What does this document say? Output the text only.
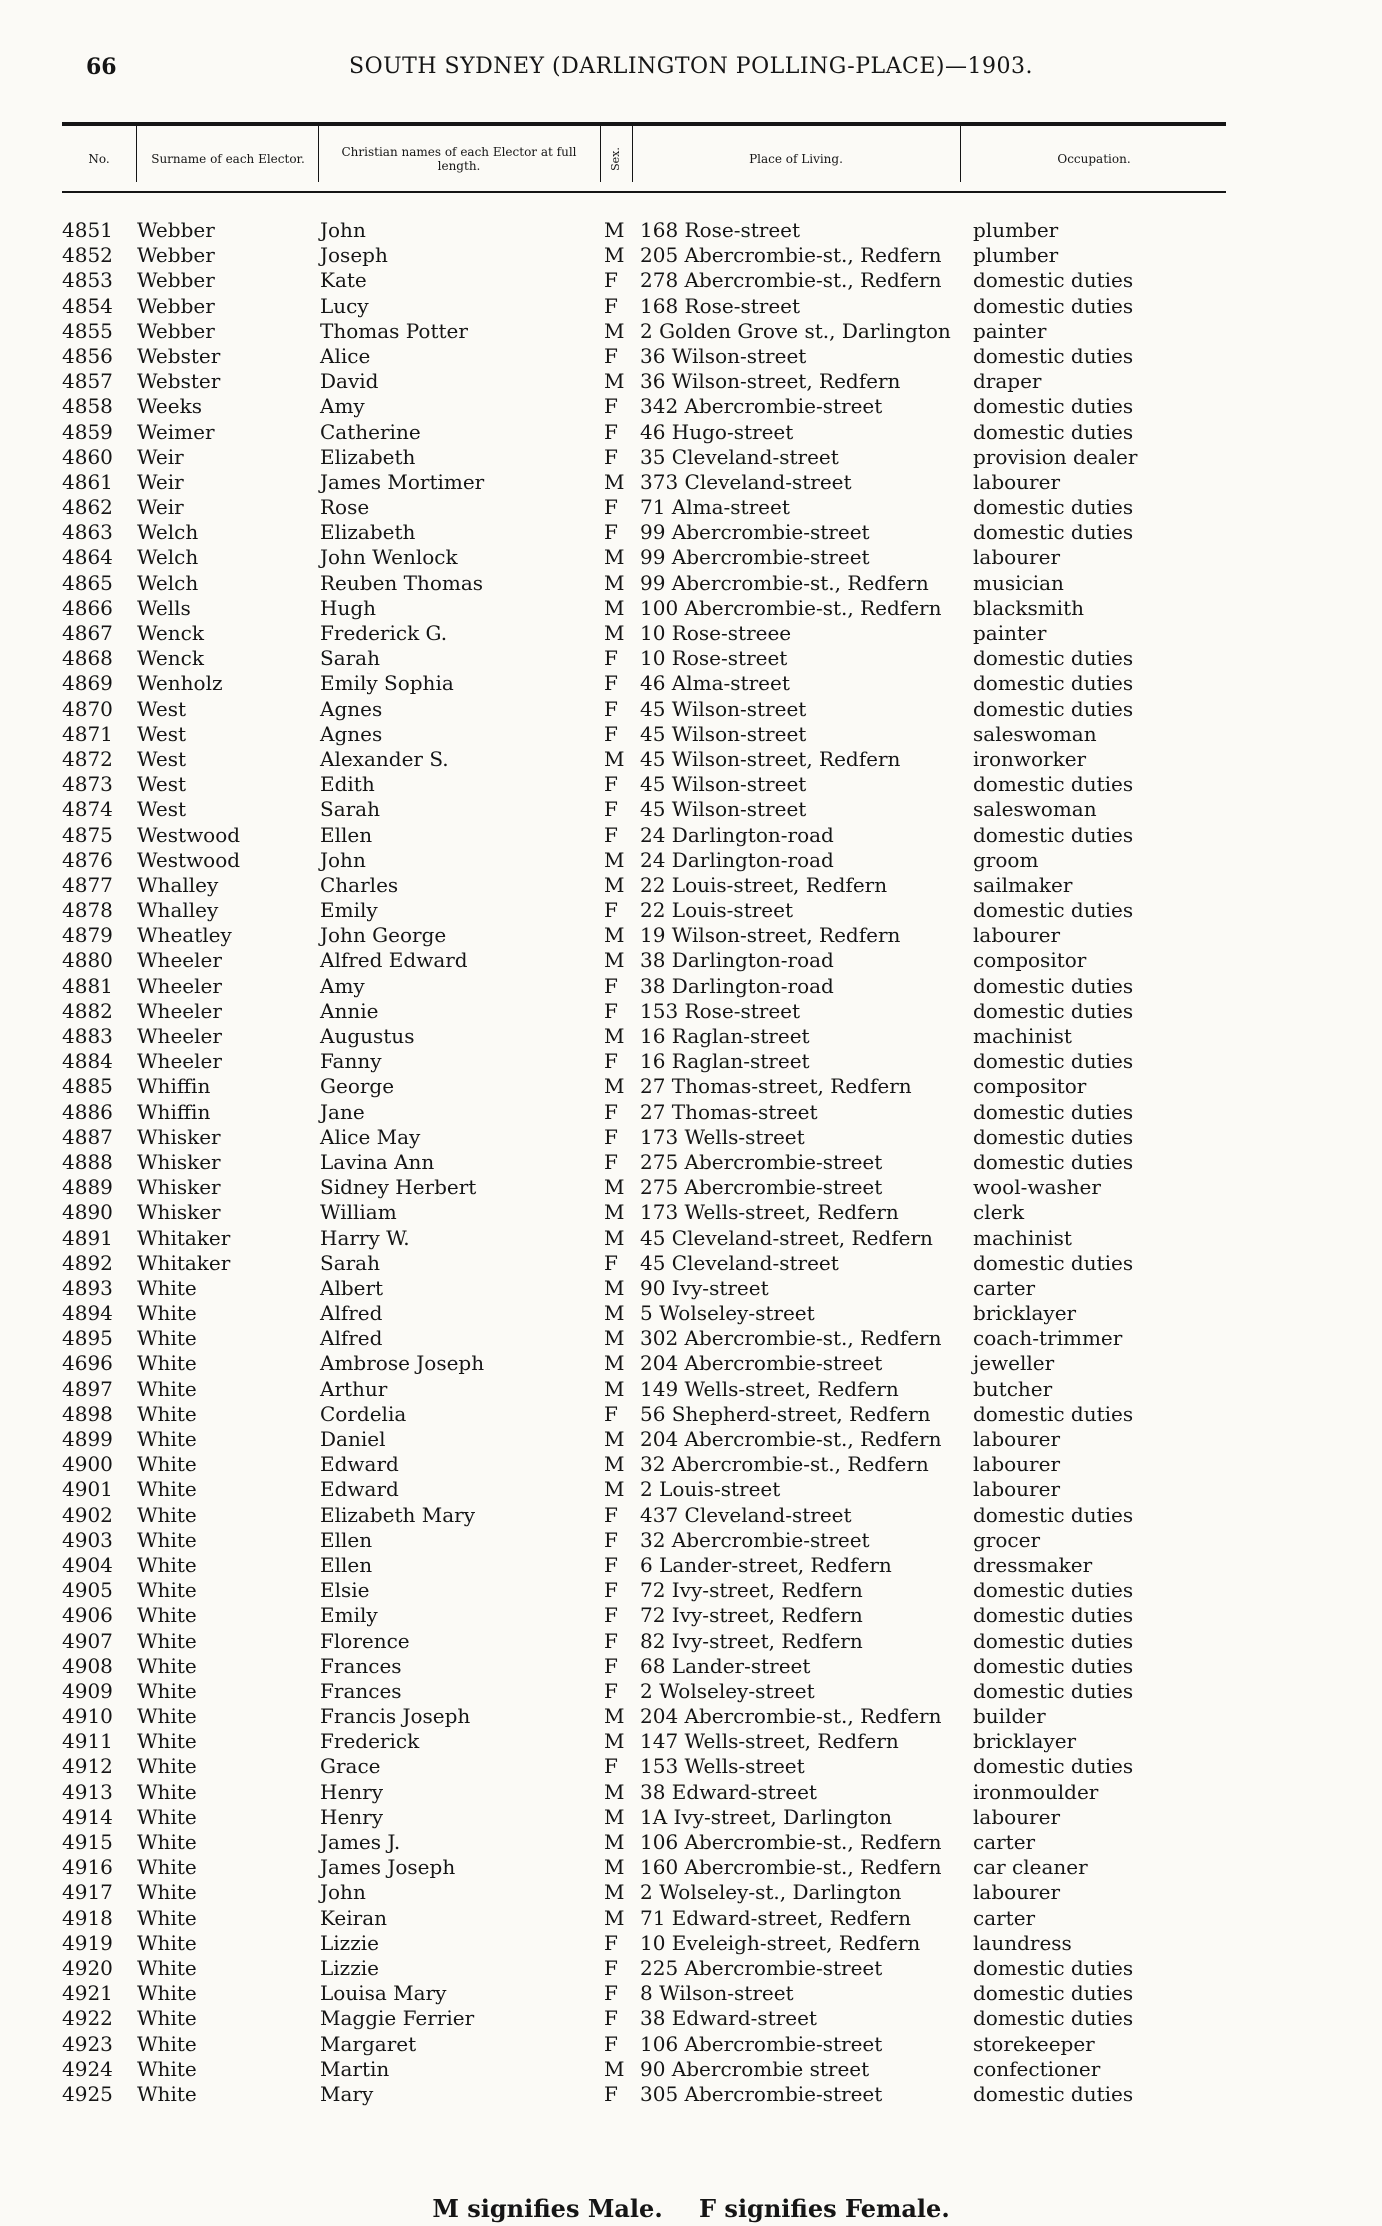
66	SOUTH SYDNEY (DARLINGTON POLLING-PLACE)—1903.
No.	Surname of each Elector.	Christian names of each Elector at full length.	Sex.	Place of Living.	Occupation.
4851	Webber	John	M 168 Rose-street	plumber
4852	Webber	Joseph	M 205 Abercrombie-st., Redfern plumber
4853	Webber	Kate	F 278 Abercrombie-st., Redfern domestic duties
4854	Webber	Lucy	F 168 Rose-street	domestic duties
4855	Webber	Thomas Potter	M 2 Golden Grove st., Darlington painter
4856	Webster	Alice	F 36 Wilson-street	domestic duties
4857	Webster	David	M 36 Wilson-street, Redfern	draper
4858	Weeks	Amy	F 342 Abercrombie-street	domestic duties
4859	Weimer	Catherine	F 46 Hugo-street	domestic duties
4860	Weir	Elizabeth	F 35 Cleveland-street	provision dealer
4861	Weir	James Mortimer	M 373 Cleveland-street	labourer
4862	Weir	Rose	F 71 Alma-street	domestic duties
4863	Welch	Elizabeth	F 99 Abercrombie-street	domestic duties
4864	Welch	John Wenlock	M 99 Abercrombie-street	labourer
4865	Welch	Reuben Thomas	M 99 Abercrombie-st., Redfern musician
4866	Wells	Hugh	M 100 Abercrombie-st., Redfern blacksmith
4867	Wenck	Frederick G.	M 10 Rose-streee	painter
4868	Wenck	Sarah	F 10 Rose-street	domestic duties
4869	Wenholz	Emily Sophia	F 46 Alma-street	domestic duties
4870	West	Agnes	F 45 Wilson-street	domestic duties
4871	West	Agnes	F 45 Wilson-street	saleswoman
4872	West	Alexander S.	M 45 Wilson-street, Redfern	ironworker
4873	West	Edith	F 45 Wilson-street	domestic duties
4874	West	Sarah	F 45 Wilson-street	saleswoman
4875	Westwood	Ellen	F 24 Darlington-road	domestic duties
4876	Westwood	John	M 24 Darlington-road	groom
4877	Whalley	Charles	M 22 Louis-street, Redfern	sailmaker
4878	Whalley	Emily	F 22 Louis-street	domestic duties
4879	Wheatley	John George	M 19 Wilson-street, Redfern	labourer
4880	Wheeler	Alfred Edward	M 38 Darlington-road	compositor
4881	Wheeler	Amy	F 38 Darlington-road	domestic duties
4882	Wheeler	Annie	F 153 Rose-street	domestic duties
4883	Wheeler	Augustus	M 16 Raglan-street	machinist
4884	Wheeler	Fanny	F 16 Raglan-street	domestic duties
4885	Whiffin	George	M 27 Thomas-street, Redfern	compositor
4886	Whiffin	Jane	F 27 Thomas-street	domestic duties
4887	Whisker	Alice May	F 173 Wells-street	domestic duties
4888	Whisker	Lavina Ann	F 275 Abercrombie-street	domestic duties
4889	Whisker	Sidney Herbert	M 275 Abercrombie-street	wool-washer
4890	Whisker	William	M 173 Wells-street, Redfern	clerk
4891	Whitaker	Harry W.	M 45 Cleveland-street, Redfern machinist
4892	Whitaker	Sarah	F 45 Cleveland-street	domestic duties
4893	White	Albert	M 90 Ivy-street	carter
4894	White	Alfred	M 5 Wolseley-street	bricklayer
4895	White	Alfred	M 302 Abercrombie-st., Redfern coach-trimmer
4696	White	Ambrose Joseph	M 204 Abercrombie-street	jeweller
4897	White	Arthur	M 149 Wells-street, Redfern	butcher
4898	White	Cordelia	F 56 Shepherd-street, Redfern domestic duties
4899	White	Daniel	M 204 Abercrombie-st., Redfern labourer
4900	White	Edward	M 32 Abercrombie-st., Redfern labourer
4901	White	Edward	M 2 Louis-street	labourer
4902	White	Elizabeth Mary	F 437 Cleveland-street	domestic duties
4903	White	Ellen	F 32 Abercrombie-street	grocer
4904	White	Ellen	F 6 Lander-street, Redfern	dressmaker
4905	White	Elsie	F 72 Ivy-street, Redfern	domestic duties
4906	White	Emily	F 72 Ivy-street, Redfern	domestic duties
4907	White	Florence	F 82 Ivy-street, Redfern	domestic duties
4908	White	Frances	F 68 Lander-street	domestic duties
4909	White	Frances	F 2 Wolseley-street	domestic duties
4910	White	Francis Joseph	M 204 Abercrombie-st., Redfern builder
4911	White	Frederick	M 147 Wells-street, Redfern	bricklayer
4912	White	Grace	F 153 Wells-street	domestic duties
4913	White	Henry	M 38 Edward-street	ironmoulder
4914	White	Henry	M 1A Ivy-street, Darlington	labourer
4915	White	James J.	M 106 Abercrombie-st., Redfern carter
4916	White	James Joseph	M 160 Abercrombie-st., Redfern car cleaner
4917	White	John	M 2 Wolseley-st., Darlington	labourer
4918	White	Keiran	M 71 Edward-street, Redfern	carter
4919	White	Lizzie	F 10 Eveleigh-street, Redfern	laundress
4920	White	Lizzie	F 225 Abercrombie-street	domestic duties
4921	White	Louisa Mary	F 8 Wilson-street	domestic duties
4922	White	Maggie Ferrier	F 38 Edward-street	domestic duties
4923	White	Margaret	F 106 Abercrombie-street	storekeeper
4924	White	Martin	M 90 Abercrombie street	confectioner
4925	White	Mary	F 305 Abercrombie-street	domestic duties
M signifies Male. F signifies Female.
